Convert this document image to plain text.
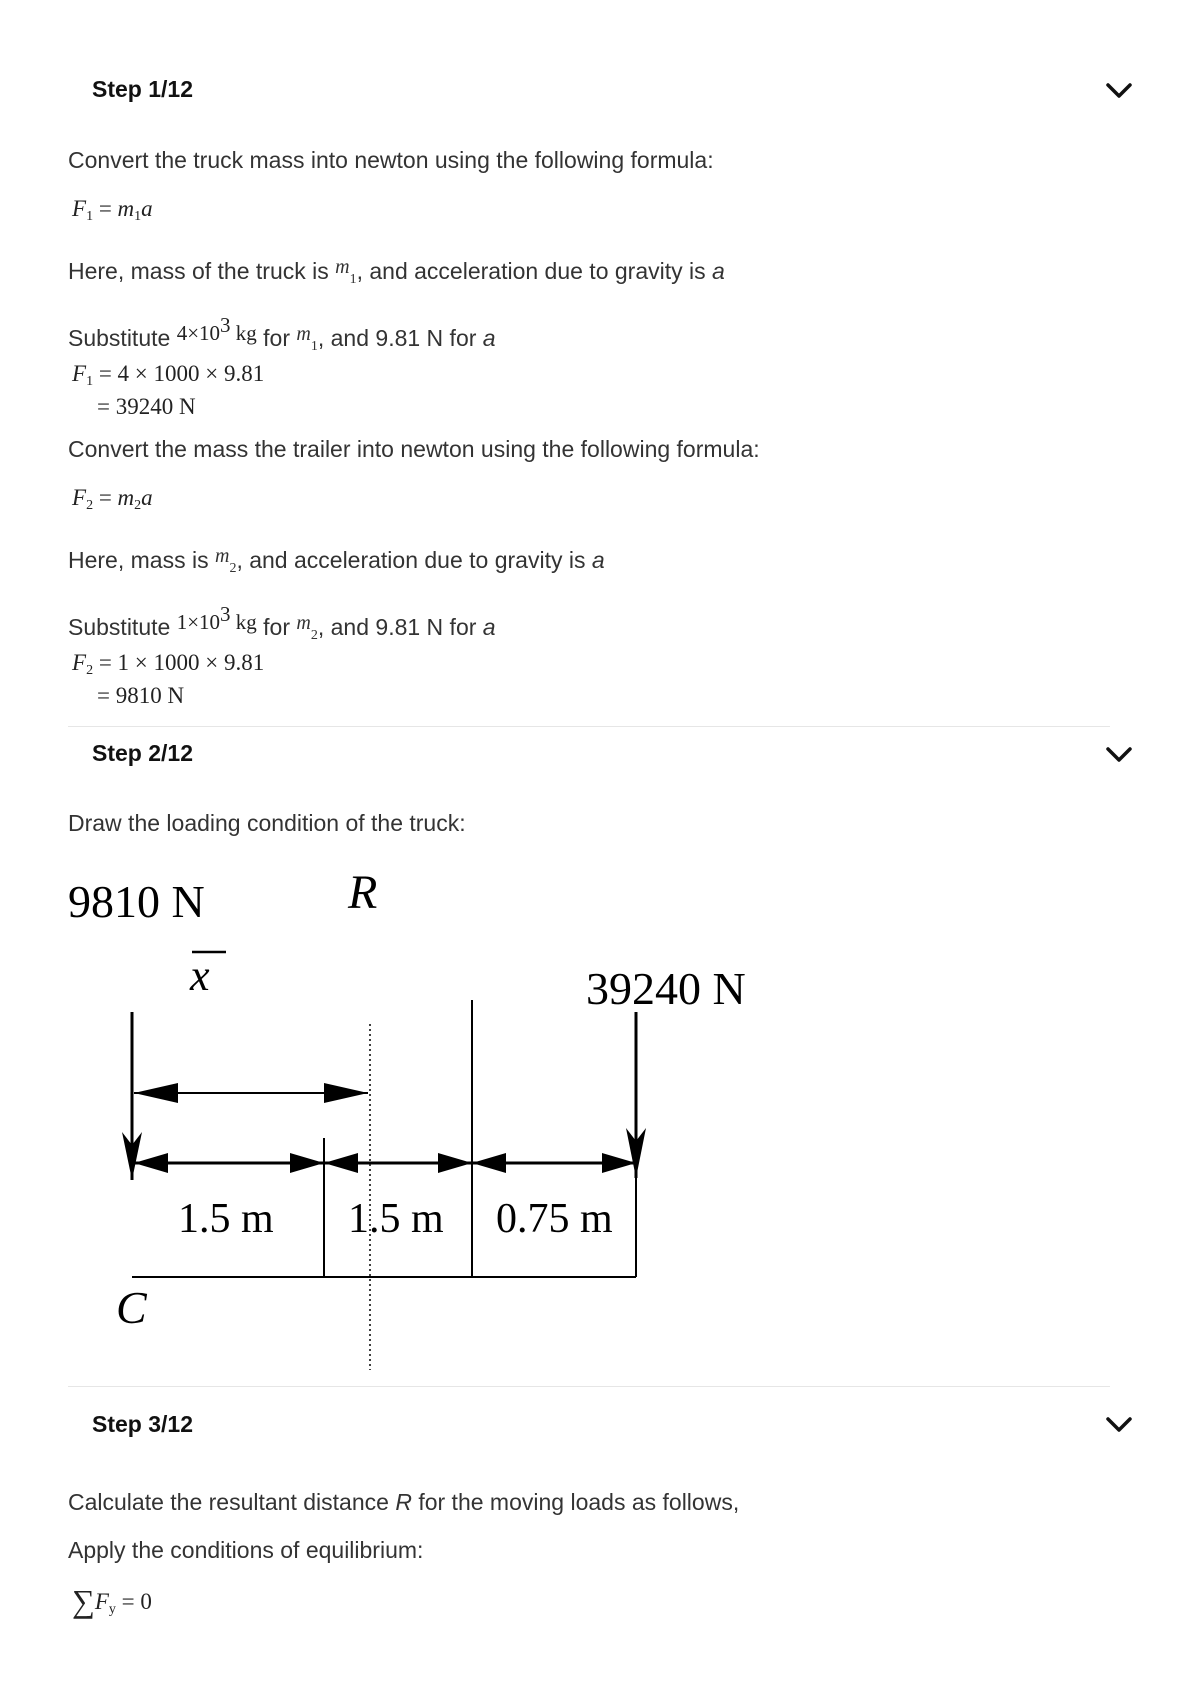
Step 1/12
Convert the truck mass into newton using the following formula:
$F_1 = m_1a$
Here, mass of the truck is $m_1$, and acceleration due to gravity is a
Substitute 4×103 kg for $m_1$, and 9.81 N for a
$F_1 = 4 \times 1000 \times 9.81$
= 39240 N
Convert the mass the trailer into newton using the following formula:
$F_2 = m_2a$
Here, mass is $m_2$, and acceleration due to gravity is a
Substitute 1×103 kg for $m_2$, and 9.81 N for a
$F_2 = 1 \times 1000 \times 9.81$
= 9810 N
Step 2/12
Draw the loading condition of the truck:
9810 N	R
x	39240 N
1.5 m 1.5 m 0.75 m
C
Step 3/12
Calculate the resultant distance R for the moving loads as follows,
Apply the conditions of equilibrium:
$\sum F_y = 0$
